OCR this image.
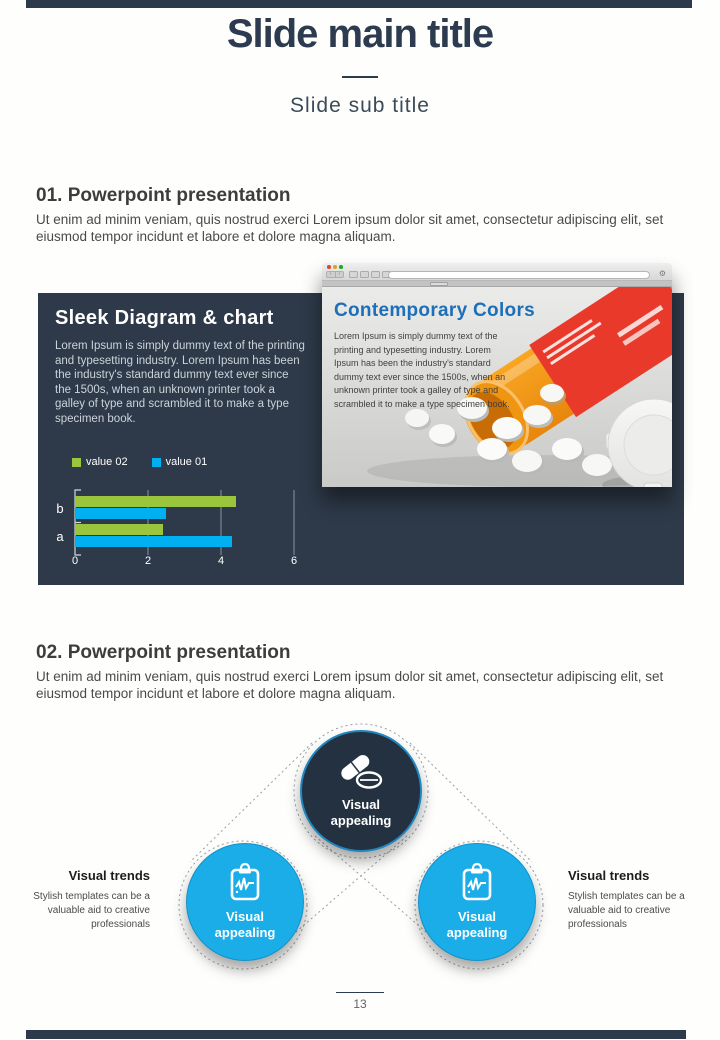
Slide main title
Slide sub title
01. Powerpoint presentation
Ut enim ad minim veniam, quis nostrud exerci Lorem ipsum dolor sit amet, consectetur adipiscing elit, set eiusmod tempor incidunt et labore et dolore magna aliquam.
Sleek Diagram & chart
Lorem Ipsum is simply dummy text of the printing and typesetting industry. Lorem Ipsum has been the industry's standard dummy text ever since the 1500s, when an unknown printer took a galley of type and scrambled it to make a type specimen book.
value 02	value 01
b
a
0	2	4	6
‹	›	⚙
Contemporary Colors
Lorem Ipsum is simply dummy text of the printing and typesetting industry. Lorem Ipsum has been the industry's standard dummy text ever since the 1500s, when an unknown printer took a galley of type and scrambled it to make a type specimen book.
02. Powerpoint presentation
Ut enim ad minim veniam, quis nostrud exerci Lorem ipsum dolor sit amet, consectetur adipiscing elit, set eiusmod tempor incidunt et labore et dolore magna aliquam.
Visual appealing
Visual appealing
Visual appealing
Visual trends
Stylish templates can be a valuable aid to creative professionals
Visual trends
Stylish templates can be a valuable aid to creative professionals
13
